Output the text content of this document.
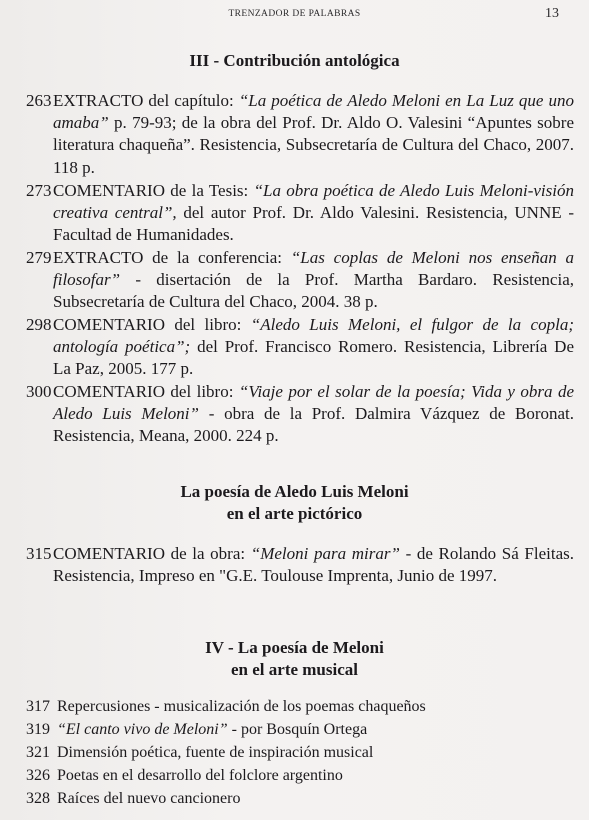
TRENZADOR DE PALABRAS	13
III - Contribución antológica
263 EXTRACTO del capítulo: “La poética de Aledo Meloni en La Luz que uno amaba” p. 79-93; de la obra del Prof. Dr. Aldo O. Valesini “Apuntes sobre literatura chaqueña”. Resistencia, Subsecretaría de Cultura del Chaco, 2007. 118 p.
273 COMENTARIO de la Tesis: “La obra poética de Aledo Luis Meloni-visión creativa central”, del autor Prof. Dr. Aldo Valesini. Resistencia, UNNE - Facultad de Humanidades.
279 EXTRACTO de la conferencia: “Las coplas de Meloni nos enseñan a filosofar” - disertación de la Prof. Martha Bardaro. Resistencia, Subsecretaría de Cultura del Chaco, 2004. 38 p.
298 COMENTARIO del libro: “Aledo Luis Meloni, el fulgor de la copla; antología poética”; del Prof. Francisco Romero. Resistencia, Librería De La Paz, 2005. 177 p.
300 COMENTARIO del libro: “Viaje por el solar de la poesía; Vida y obra de Aledo Luis Meloni” - obra de la Prof. Dalmira Vázquez de Boronat. Resistencia, Meana, 2000. 224 p.
La poesía de Aledo Luis Meloni
en el arte pictórico
315 COMENTARIO de la obra: “Meloni para mirar” - de Rolando Sá Fleitas. Resistencia, Impreso en "G.E. Toulouse Imprenta, Junio de 1997.
IV - La poesía de Meloni
en el arte musical
317 Repercusiones - musicalización de los poemas chaqueños
319 “El canto vivo de Meloni” - por Bosquín Ortega
321 Dimensión poética, fuente de inspiración musical
326 Poetas en el desarrollo del folclore argentino
328 Raíces del nuevo cancionero
